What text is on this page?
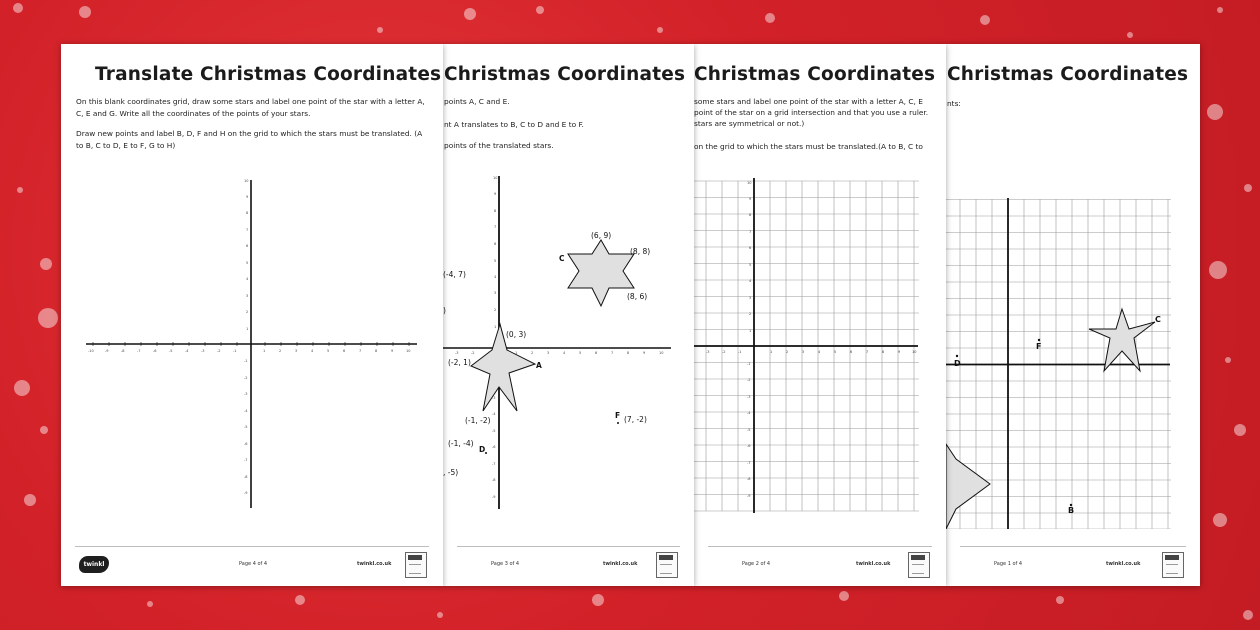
Christmas Coordinates
nts:
C
F
D
B
Page 1 of 4	twinkl.co.uk
Christmas Coordinates
some stars and label one point of the star with a letter A, C, E
point of the star on a grid intersection and that you use a ruler.
stars are symmetrical or not.)
on the grid to which the stars must be translated.(A to B, C to
-3	-2	-1	1	2	3	4	5	6	7	8	9	10
10
9
8
7
6
5
4
3
2
1
-1
-2
-3
-4
-5
-6
-7
-8
-9
Page 2 of 4	twinkl.co.uk
Christmas Coordinates
points A, C and E.
nt A translates to B, C to D and E to F.
points of the translated stars.
-3	-2	1	2	3	4	5	6	7	8	9	10
10
9
8
7
6
5
4
3
2
1
-3
-4
-5
-6
-7
-8
-9
(6, 9)
(8, 8)
(8, 6)
C
(0, 3)
(-2, 1)	A
(-1, -2)
(-4, 7)
)
(-1, -4)
D
, -5)
F (7, -2)
Page 3 of 4	twinkl.co.uk
Translate Christmas Coordinates
On this blank coordinates grid, draw some stars and label one point of the star with a letter A, C, E and G. Write all the coordinates of the points of your stars.
Draw new points and label B, D, F and H on the grid to which the stars must be translated. (A to B, C to D, E to F, G to H)
-10	-9	-8	-7	-6	-5	-4	-3	-2	-1	1	2	3	4	5	6	7	8	9	10
10
9
8
7
6
5
4
3
2
1
-1
-2
-3
-4
-5
-6
-7
-8
-9
twinkl	Page 4 of 4	twinkl.co.uk
